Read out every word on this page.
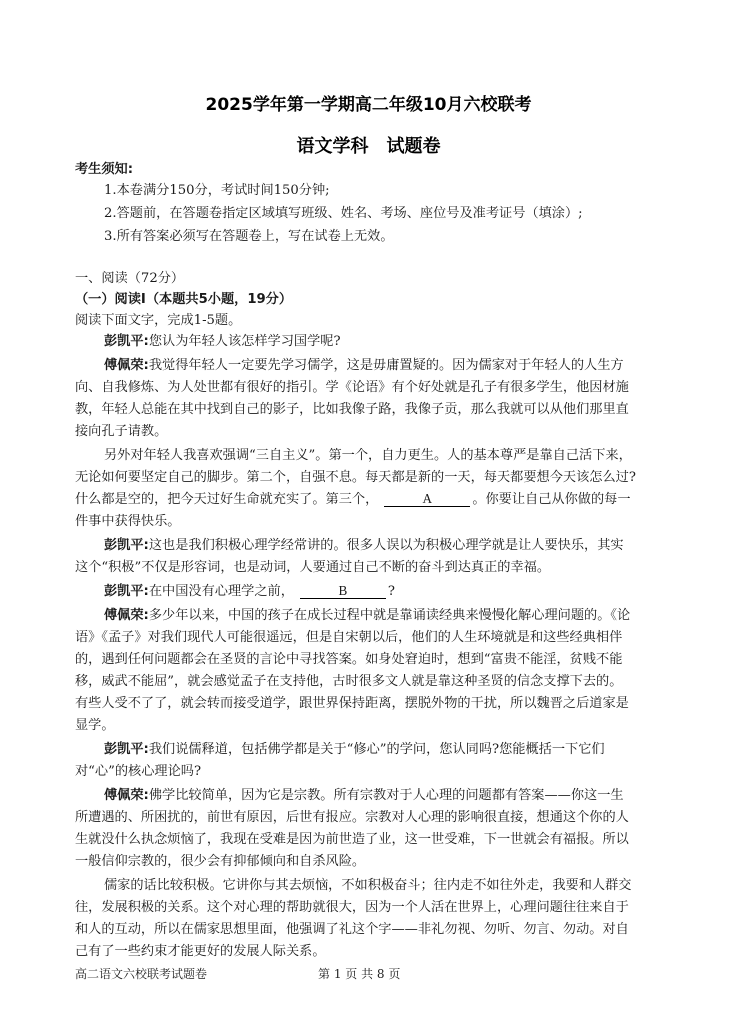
2025学年第一学期高二年级10月六校联考
语文学科　试题卷
考生须知:
1.本卷满分150分，考试时间150分钟;
2.答题前，在答题卷指定区域填写班级、姓名、考场、座位号及准考证号（填涂）;
3.所有答案必须写在答题卷上，写在试卷上无效。
一、阅读（72分）
（一）阅读Ⅰ（本题共5小题，19分）
阅读下面文字，完成1-5题。
彭凯平:您认为年轻人该怎样学习国学呢?
傅佩荣:我觉得年轻人一定要先学习儒学，这是毋庸置疑的。因为儒家对于年轻人的人生方
向、自我修炼、为人处世都有很好的指引。学《论语》有个好处就是孔子有很多学生，他因材施
教，年轻人总能在其中找到自己的影子，比如我像子路，我像子贡，那么我就可以从他们那里直
接向孔子请教。
另外对年轻人我喜欢强调“三自主义”。第一个，自力更生。人的基本尊严是靠自己活下来，
无论如何要坚定自己的脚步。第二个，自强不息。每天都是新的一天，每天都要想今天该怎么过?
什么都是空的，把今天过好生命就充实了。第三个，	A	。你要让自己从你做的每一
件事中获得快乐。
彭凯平:这也是我们积极心理学经常讲的。很多人误以为积极心理学就是让人要快乐，其实
这个“积极”不仅是形容词，也是动词，人要通过自己不断的奋斗到达真正的幸福。
彭凯平:在中国没有心理学之前，	B	?
傅佩荣:多少年以来，中国的孩子在成长过程中就是靠诵读经典来慢慢化解心理问题的。《论
语》《孟子》对我们现代人可能很遥远，但是自宋朝以后，他们的人生环境就是和这些经典相伴
的，遇到任何问题都会在圣贤的言论中寻找答案。如身处窘迫时，想到“富贵不能淫，贫贱不能
移，威武不能屈”，就会感觉孟子在支持他，古时很多文人就是靠这种圣贤的信念支撑下去的。
有些人受不了了，就会转而接受道学，跟世界保持距离，摆脱外物的干扰，所以魏晋之后道家是
显学。
彭凯平:我们说儒释道，包括佛学都是关于“修心”的学问，您认同吗?您能概括一下它们
对“心”的核心理论吗?
傅佩荣:佛学比较简单，因为它是宗教。所有宗教对于人心理的问题都有答案——你这一生
所遭遇的、所困扰的，前世有原因，后世有报应。宗教对人心理的影响很直接，想通这个你的人
生就没什么执念烦恼了，我现在受难是因为前世造了业，这一世受难，下一世就会有福报。所以
一般信仰宗教的，很少会有抑郁倾向和自杀风险。
儒家的话比较积极。它讲你与其去烦恼，不如积极奋斗；往内走不如往外走，我要和人群交
往，发展积极的关系。这个对心理的帮助就很大，因为一个人活在世界上，心理问题往往来自于
和人的互动，所以在儒家思想里面，他强调了礼这个字——非礼勿视、勿听、勿言、勿动。对自
己有了一些约束才能更好的发展人际关系。
高二语文六校联考试题卷	第 1 页 共 8 页
